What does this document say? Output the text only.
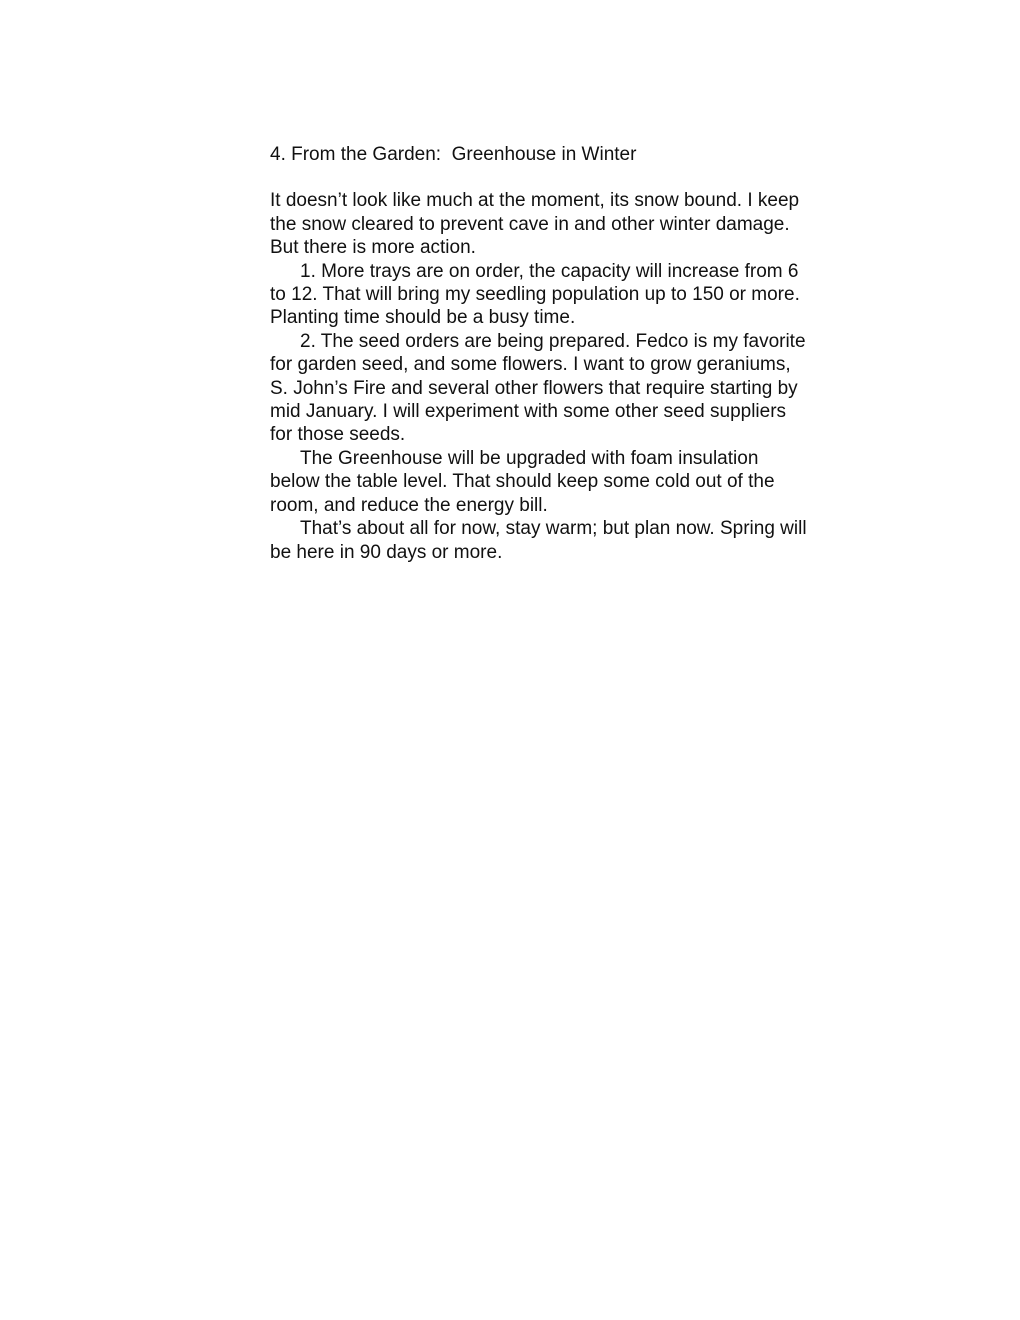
4. From the Garden:  Greenhouse in Winter

It doesn’t look like much at the moment, its snow bound. I keep
the snow cleared to prevent cave in and other winter damage.
But there is more action.

1. More trays are on order, the capacity will increase from 6
to 12. That will bring my seedling population up to 150 or more.
Planting time should be a busy time.

2. The seed orders are being prepared. Fedco is my favorite
for garden seed, and some flowers. I want to grow geraniums,
S. John’s Fire and several other flowers that require starting by
mid January. I will experiment with some other seed suppliers
for those seeds.

The Greenhouse will be upgraded with foam insulation
below the table level. That should keep some cold out of the
room, and reduce the energy bill.

That’s about all for now, stay warm; but plan now. Spring will
be here in 90 days or more.
